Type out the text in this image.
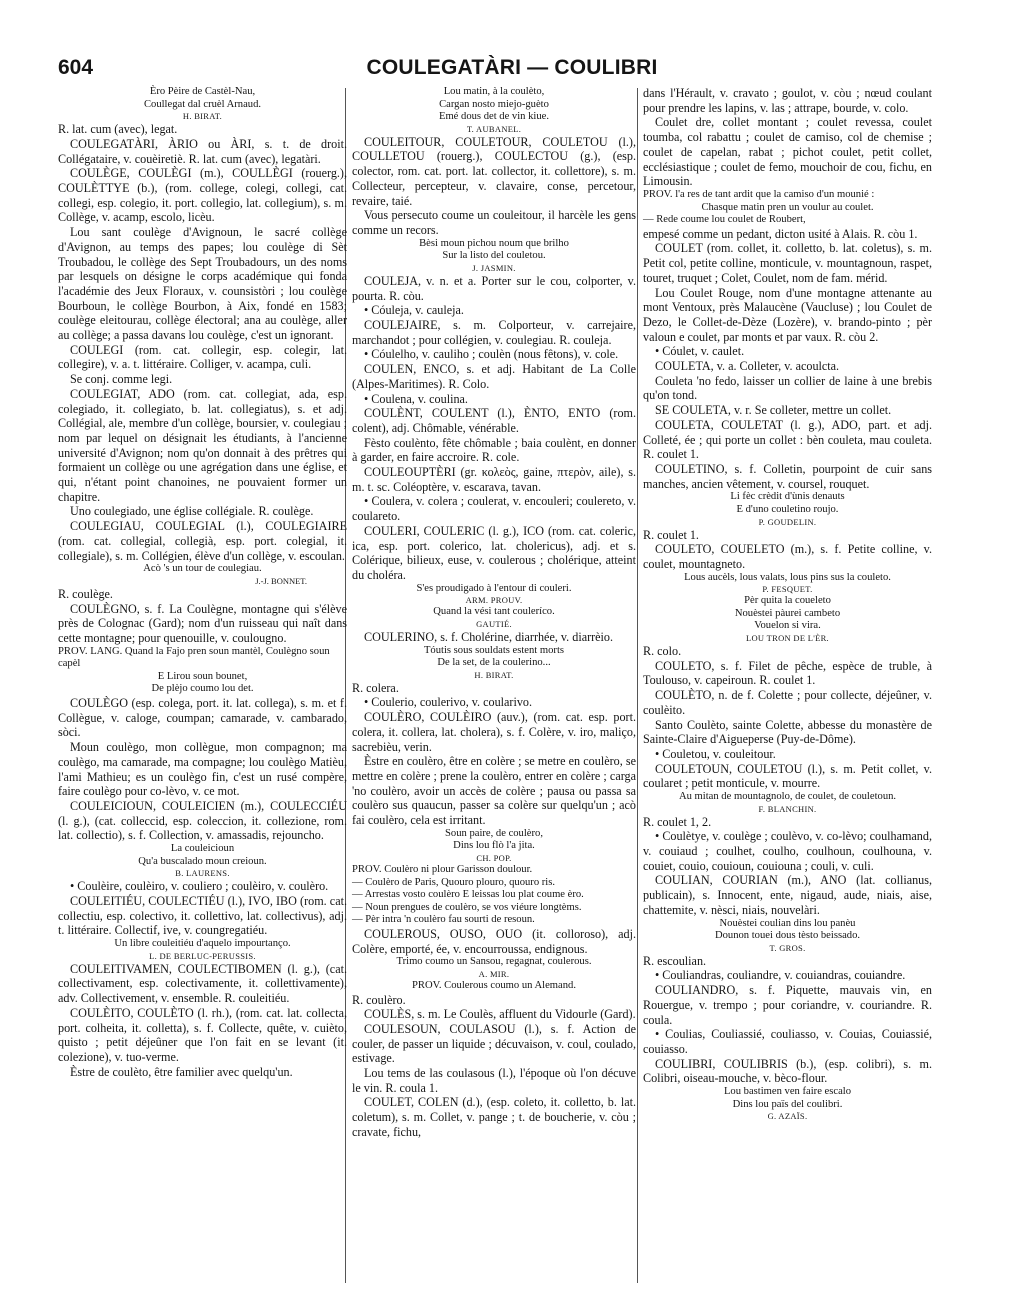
604	COULEGATÀRI — COULIBRI

Èro Pèire de Castèl-Nau,

Coullegat dal cruèl Arnaud.

H. BIRAT.

R. lat. cum (avec), legat.

COULEGATÀRI, ÀRIO ou ÀRI, s. t. de droit. Collégataire, v. couèiretiè. R. lat. cum (avec), legatàri.

COULÈGE, COULÈGI (m.), COULLÈGI (rouerg.), COULÈTTYE (b.), (rom. college, colegi, collegi, cat. collegi, esp. colegio, it. port. collegio, lat. collegium), s. m. Collège, v. acamp, escolo, licèu.

Lou sant coulège d'Avignoun, le sacré collège d'Avignon, au temps des papes; lou coulège di Sèt Troubadou, le collège des Sept Troubadours, un des noms par lesquels on désigne le corps académique qui fonda l'académie des Jeux Floraux, v. counsistòri ; lou coulège Bourboun, le collège Bourbon, à Aix, fondé en 1583; coulège eleitourau, collège électoral; ana au coulège, aller au collège; a passa davans lou coulège, c'est un ignorant.

COULEGI (rom. cat. collegir, esp. colegir, lat. collegire), v. a. t. littéraire. Colliger, v. acampa, culi.

Se conj. comme legi.

COULEGIAT, ADO (rom. cat. collegiat, ada, esp. colegiado, it. collegiato, b. lat. collegiatus), s. et adj. Collégial, ale, membre d'un collège, boursier, v. coulegiau ; nom par lequel on désignait les étudiants, à l'ancienne université d'Avignon; nom qu'on donnait à des prêtres qui formaient un collège ou une agrégation dans une église, et qui, n'étant point chanoines, ne pouvaient former un chapitre.

Uno coulegiado, une église collégiale. R. coulège.

COULEGIAU, COULEGIAL (l.), COULEGIAIRE (rom. cat. collegial, collegià, esp. port. colegial, it. collegiale), s. m. Collégien, élève d'un collège, v. escoulan.

Acò 's un tour de coulegiau.

J.-J. BONNET.

R. coulège.

COULÈGNO, s. f. La Coulègne, montagne qui s'élève près de Colognac (Gard); nom d'un ruisseau qui naît dans cette montagne; pour quenouille, v. coulougno.

PROV. LANG. Quand la Fajo pren soun mantèl, Coulègno soun capèl

E Lirou soun bounet,

De plèjo coumo lou det.

COULÈGO (esp. colega, port. it. lat. collega), s. m. et f. Collègue, v. caloge, coumpan; camarade, v. cambarado, sòci.

Moun coulègo, mon collègue, mon compagnon; ma coulègo, ma camarade, ma compagne; lou coulègo Matièu, l'ami Mathieu; es un coulègo fin, c'est un rusé compère, faire coulègo pour co-lèvo, v. ce mot.

COULEICIOUN, COULEICIEN (m.), COULECCIÉU (l. g.), (cat. colleccid, esp. coleccion, it. collezione, rom. lat. collectio), s. f. Collection, v. amassadis, rejouncho.

La couleicioun

Qu'a buscalado moun creioun.

B. LAURENS.

• Coulèire, coulèiro, v. couliero ; coulèiro, v. coulèro.

COULEITIÉU, COULECTIÉU (l.), IVO, IBO (rom. cat. collectiu, esp. colectivo, it. collettivo, lat. collectivus), adj. t. littéraire. Collectif, ive, v. coungregatiéu.

Un libre couleitiéu d'aquelo impourtanço.

L. DE BERLUC-PERUSSIS.

COULEITIVAMEN, COULECTIBOMEN (l. g.), (cat. collectivament, esp. colectivamente, it. collettivamente), adv. Collectivement, v. ensemble. R. couleitiéu.

COULÈITO, COULÈTO (l. rh.), (rom. cat. lat. collecta, port. colheita, it. colletta), s. f. Collecte, quête, v. cuièto, quisto ; petit déjeûner que l'on fait en se levant (it. colezione), v. tuo-verme.

Èstre de coulèto, être familier avec quelqu'un.

Lou matin, à la coulèto,

Cargan nosto miejo-guèto

Emé dous det de vin kiue.

T. AUBANEL.

COULEITOUR, COULETOUR, COULETOU (l.), COULLETOU (rouerg.), COULECTOU (g.), (esp. colector, rom. cat. port. lat. collector, it. collettore), s. m. Collecteur, percepteur, v. clavaire, conse, percetour, revaire, taié.

Vous persecuto coume un couleitour, il harcèle les gens comme un recors.

Bèsi moun pichou noum que brilho

Sur la listo del couletou.

J. JASMIN.

COULEJA, v. n. et a. Porter sur le cou, colporter, v. pourta. R. còu.

• Cóuleja, v. cauleja.

COULEJAIRE, s. m. Colporteur, v. carrejaire, marchandot ; pour collégien, v. coulegiau. R. couleja.

• Cóulelho, v. cauliho ; coulèn (nous fêtons), v. cole.

COULEN, ENCO, s. et adj. Habitant de La Colle (Alpes-Maritimes). R. Colo.

• Coulenа, v. coulina.

COULÈNT, COULENT (l.), ÈNTO, ENTO (rom. colent), adj. Chômable, vénérable.

Fèsto coulènto, fête chômable ; baia coulènt, en donner à garder, en faire accroire. R. cole.

COULEOUPTÈRI (gr. κολεὸς, gaine, πτερὸν, aile), s. m. t. sc. Coléoptère, v. escarava, tavan.

• Coulera, v. colera ; coulerat, v. encouleri; coulereto, v. coulareto.

COULERI, COULERIC (l. g.), ICO (rom. cat. coleric, ica, esp. port. colerico, lat. cholericus), adj. et s. Colérique, bilieux, euse, v. coulerous ; cholérique, atteint du choléra.

S'es proudigado à l'entour di couleri.

ARM. PROUV.

Quand la vési tant couleríco.

GAUTIÉ.

COULERINO, s. f. Cholérine, diarrhée, v. diarrèio.

Tóutis sous souldats estent morts

De la set, de la coulerino...

H. BIRAT.

R. colera.

• Coulerio, coulerivo, v. coularivo.

COULÈRO, COULÈIRO (auv.), (rom. cat. esp. port. colera, it. collera, lat. cholera), s. f. Colère, v. iro, maliço, sacrebièu, verin.

Èstre en coulèro, être en colère ; se metre en coulèro, se mettre en colère ; prene la coulèro, entrer en colère ; carga 'no coulèro, avoir un accès de colère ; pausa ou passa sa coulèro sus quaucun, passer sa colère sur quelqu'un ; acò fai coulèro, cela est irritant.

Soun paire, de coulèro,

Dins lou flò l'a jita.

CH. POP.

PROV. Coulèro ni plour Garisson doulour.

— Coulèro de Paris, Quouro plouro, quouro ris.

— Arrestas vosto coulèro E leissas lou plat coume èro.

— Noun prengues de coulèro, se vos viéure longtèms.

— Pèr intra 'n coulèro fau sourti de resoun.

COULEROUS, OUSO, OUO (it. colloroso), adj. Colère, emporté, ée, v. encourroussa, endignous.

Trimo coumo un Sansou, regagnat, coulerous.

A. MIR.

PROV. Coulerous coumo un Alemand.

R. coulèro.

COULÈS, s. m. Le Coulès, affluent du Vidourle (Gard).

COULESOUN, COULASOU (l.), s. f. Action de couler, de passer un liquide ; décuvaison, v. coul, coulado, estivage.

Lou tems de las coulasous (l.), l'époque où l'on décuve le vin. R. coula 1.

COULET, COLEN (d.), (esp. coleto, it. colletto, b. lat. coletum), s. m. Collet, v. pange ; t. de boucherie, v. còu ; cravate, fichu,

dans l'Hérault, v. cravato ; goulot, v. còu ; nœud coulant pour prendre les lapins, v. las ; attrape, bourde, v. colo.

Coulet dre, collet montant ; coulet revessa, coulet toumba, col rabattu ; coulet de camiso, col de chemise ; coulet de capelan, rabat ; pichot coulet, petit collet, ecclésiastique ; coulet de femo, mouchoir de cou, fichu, en Limousin.

PROV. l'a res de tant ardit que la camiso d'un mounié :

Chasque matin pren un voulur au coulet.

— Rede coume lou coulet de Roubert,

empesé comme un pedant, dicton usité à Alais. R. còu 1.

COULET (rom. collet, it. colletto, b. lat. coletus), s. m. Petit col, petite colline, monticule, v. mountagnoun, raspet, touret, truquet ; Colet, Coulet, nom de fam. mérid.

Lou Coulet Rouge, nom d'une montagne attenante au mont Ventoux, près Malaucène (Vaucluse) ; lou Coulet de Dezo, le Collet-de-Dèze (Lozère), v. brando-pinto ; pèr valoun e coulet, par monts et par vaux. R. còu 2.

• Cóulet, v. caulet.

COULETA, v. a. Colleter, v. acoulcta.

Couleta 'no fedo, laisser un collier de laine à une brebis qu'on tond.

SE COULETA, v. r. Se colleter, mettre un collet.

COULETA, COULETAT (l. g.), ADO, part. et adj. Colleté, ée ; qui porte un collet : bèn couleta, mau couleta. R. coulet 1.

COULETINO, s. f. Colletin, pourpoint de cuir sans manches, ancien vêtement, v. coursel, rouquet.

Li fèc crèdit d'ùnis denauts

E d'uno couletino roujo.

P. GOUDELIN.

R. coulet 1.

COULETO, COUELETO (m.), s. f. Petite colline, v. coulet, mountagneto.

Lous aucèls, lous valats, lous pins sus la couleto.

P. FESQUET.

Pèr quita la coueleto

Nouèstei pàurei cambeto

Vouelon si vira.

LOU TRON DE L'ÈR.

R. colo.

COULETO, s. f. Filet de pêche, espèce de truble, à Toulouso, v. capeiroun. R. coulet 1.

COULÈTO, n. de f. Colette ; pour collecte, déjeûner, v. coulèito.

Santo Coulèto, sainte Colette, abbesse du monastère de Sainte-Claire d'Aigueperse (Puy-de-Dôme).

• Couletou, v. couleitour.

COULETOUN, COULETOU (l.), s. m. Petit collet, v. coularet ; petit monticule, v. mourre.

Au mitan de mountagnolo, de coulet, de couletoun.

F. BLANCHIN.

R. coulet 1, 2.

• Coulètye, v. coulège ; coulèvo, v. co-lèvo; coulhamand, v. couiaud ; coulhet, coulho, coulhoun, coulhouna, v. couiet, couio, couioun, couiouna ; couli, v. culi.

COULIAN, COURIAN (m.), ANO (lat. collianus, publicain), s. Innocent, ente, nigaud, aude, niais, aise, chattemite, v. nèsci, niais, nouvelàri.

Nouèstei coulian dins lou panèu

Dounon touei dous tèsto beissado.

T. GROS.

R. escoulian.

• Couliandras, couliandre, v. couiandras, couiandre.

COULIANDRO, s. f. Piquette, mauvais vin, en Rouergue, v. trempo ; pour coriandre, v. couriandre. R. coula.

• Coulias, Couliassié, couliasso, v. Couias, Couiassié, couiasso.

COULIBRI, COULIBRIS (b.), (esp. colibri), s. m. Colibri, oiseau-mouche, v. bèco-flour.

Lou bastimen ven faire escalo

Dins lou païs del coulibri.

G. AZAÏS.
